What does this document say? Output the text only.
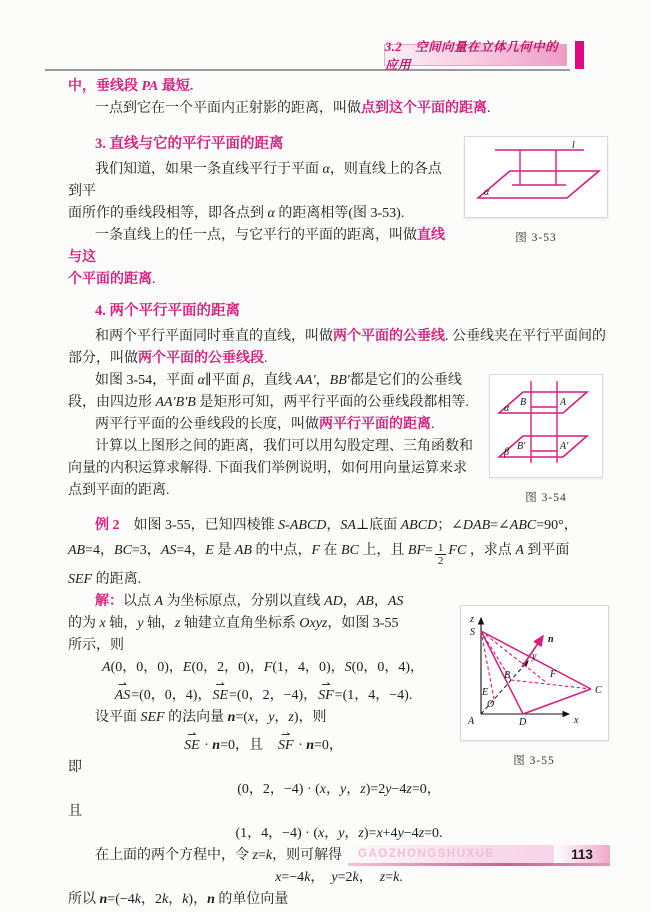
3.2　空间向量在立体几何中的应用
中，垂线段 PA 最短.
一点到它在一个平面内正射影的距离，叫做点到这个平面的距离.
l
α
图 3-53
3. 直线与它的平行平面的距离
我们知道，如果一条直线平行于平面 α，则直线上的各点到平
面所作的垂线段相等，即各点到 α 的距离相等(图 3-53).
一条直线上的任一点，与它平行的平面的距离，叫做直线与这
个平面的距离.
4. 两个平行平面的距离
和两个平行平面同时垂直的直线，叫做两个平面的公垂线. 公垂线夹在平行平面间的
部分，叫做两个平面的公垂线段.
α
B	A
β
B′	A′
图 3-54
如图 3-54，平面 α∥平面 β，直线 AA′，BB′都是它们的公垂线
段，由四边形 AA′B′B 是矩形可知，两平行平面的公垂线段都相等.
两平行平面的公垂线段的长度，叫做两平行平面的距离.
计算以上图形之间的距离，我们可以用勾股定理、三角函数和
向量的内积运算求解得. 下面我们举例说明，如何用向量运算来求
点到平面的距离.
例 2　如图 3-55，已知四棱锥 S-ABCD，SA⊥底面 ABCD；∠DAB=∠ABC=90°，
AB=4，BC=3，AS=4，E 是 AB 的中点，F 在 BC 上，且 $BF= \frac{1}{2}$ FC ，求点 A 到平面
SEF 的距离.
解：以点 A 为坐标原点，分别以直线 AD，AB，AS
的为 x 轴，y 轴，z 轴建立直角坐标系 Oxyz，如图 3-55
所示，则
A(0，0，0)，E(0，2，0)，F(1，4，0)，S(0，0，4)，
AS ⇀=(0，0，4)，SE ⇀=(0，2，−4)，SF ⇀=(1，4，−4).
设平面 SEF 的法向量 n=(x，y，z)，则
SE ⇀ · n=0，且　SF ⇀ · n=0，
即
z
S
A
O
x
y
D
C
B
E
F
n
图 3-55
(0，2，−4) · (x，y，z)=2y−4z=0，
且
(1，4，−4) · (x，y，z)=x+4y−4z=0.
在上面的两个方程中，令 z=k，则可解得
x=−4k，　y=2k，　z=k.
所以 n=(−4k，2k，k)，n 的单位向量
GAOZHONGSHUXUE	113
